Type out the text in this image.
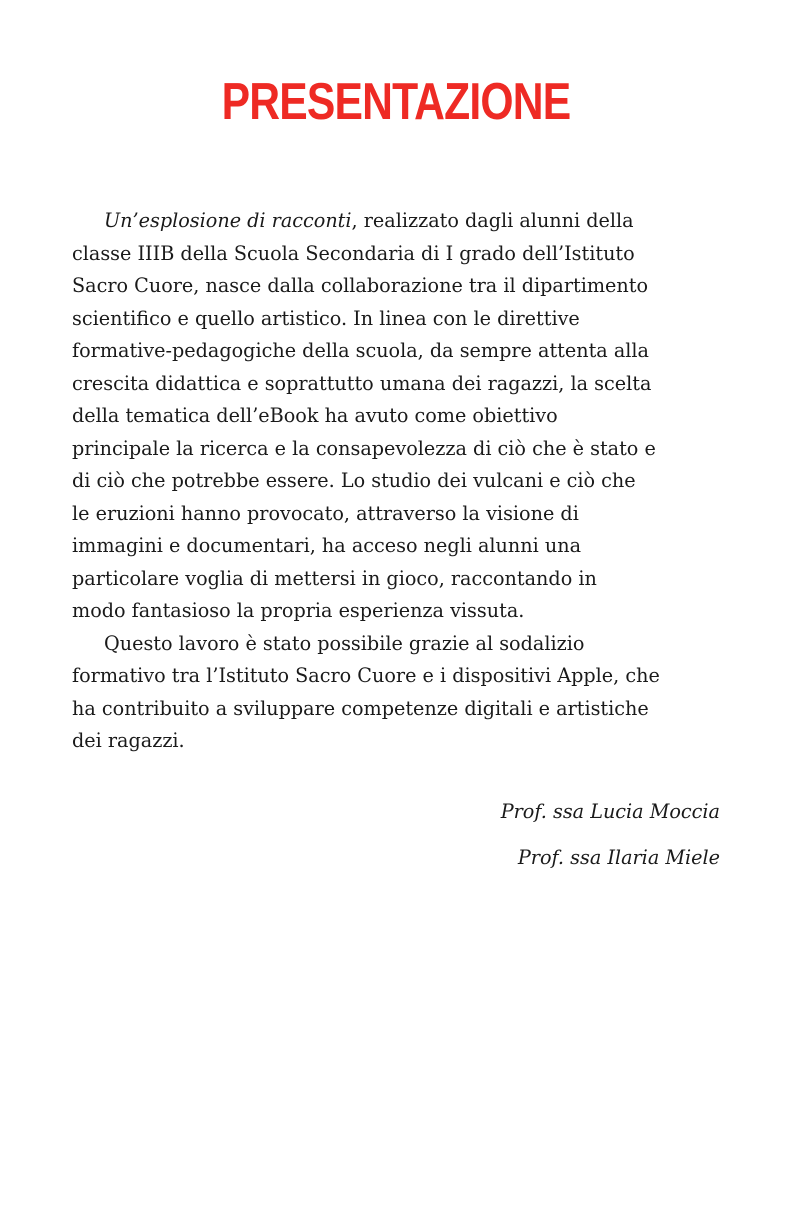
PRESENTAZIONE

Un’esplosione di racconti, realizzato dagli alunni della
classe IIIB della Scuola Secondaria di I grado dell’Istituto
Sacro Cuore, nasce dalla collaborazione tra il dipartimento
scientifico e quello artistico. In linea con le direttive
formative-pedagogiche della scuola, da sempre attenta alla
crescita didattica e soprattutto umana dei ragazzi, la scelta
della tematica dell’eBook ha avuto come obiettivo
principale la ricerca e la consapevolezza di ciò che è stato e
di ciò che potrebbe essere. Lo studio dei vulcani e ciò che
le eruzioni hanno provocato, attraverso la visione di
immagini e documentari, ha acceso negli alunni una
particolare voglia di mettersi in gioco, raccontando in
modo fantasioso la propria esperienza vissuta.

Questo lavoro è stato possibile grazie al sodalizio
formativo tra l’Istituto Sacro Cuore e i dispositivi Apple, che
ha contribuito a sviluppare competenze digitali e artistiche
dei ragazzi.

Prof. ssa Lucia Moccia
Prof. ssa Ilaria Miele
